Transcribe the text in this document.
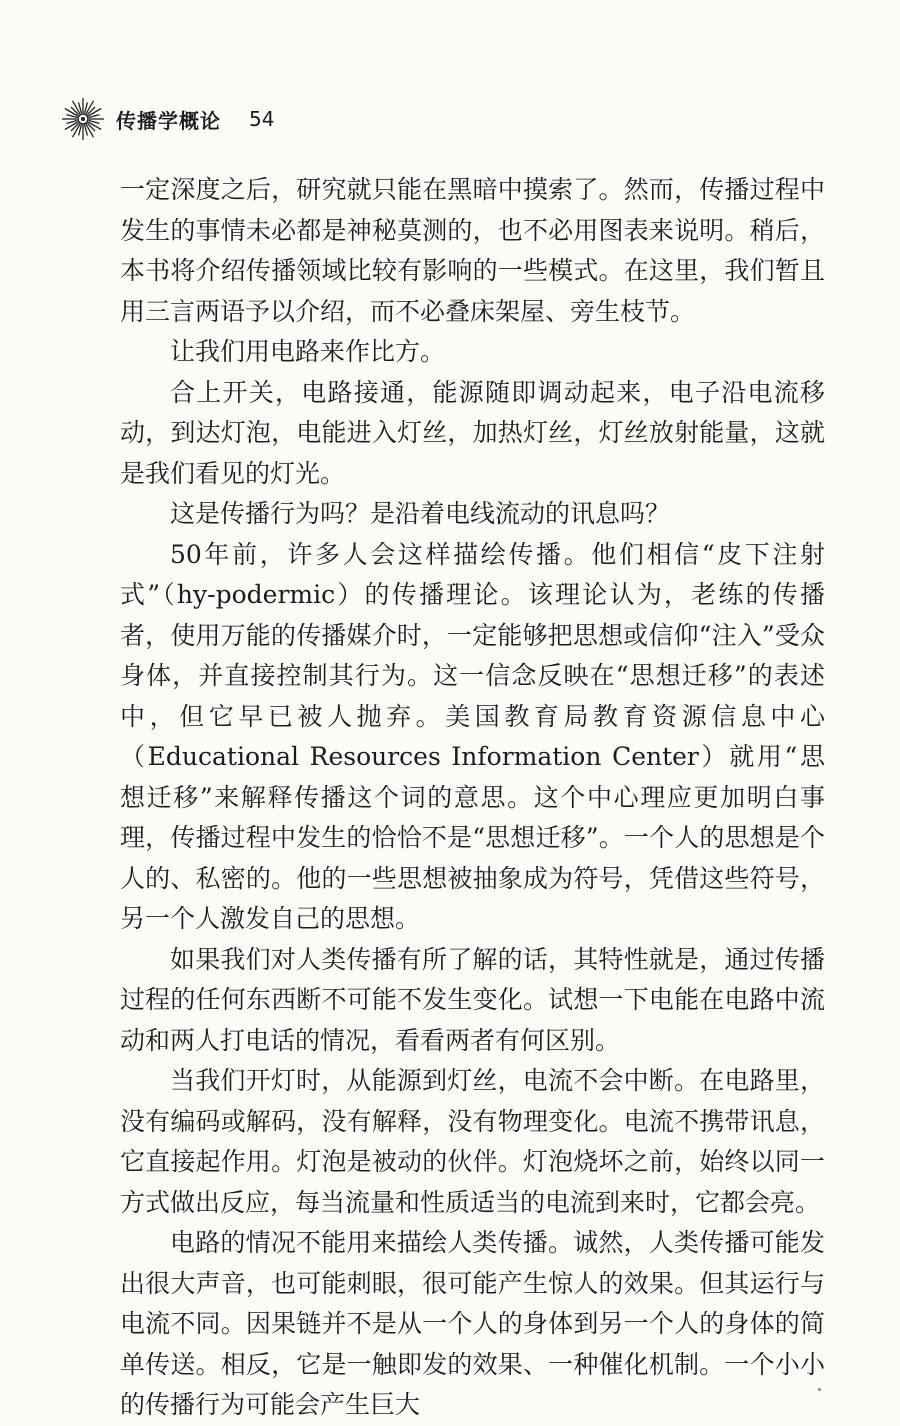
传播学概论 54

一定深度之后，研究就只能在黑暗中摸索了。然而，传播过程中发生的事情未必都是神秘莫测的，也不必用图表来说明。稍后，本书将介绍传播领域比较有影响的一些模式。在这里，我们暂且用三言两语予以介绍，而不必叠床架屋、旁生枝节。

让我们用电路来作比方。

合上开关，电路接通，能源随即调动起来，电子沿电流移动，到达灯泡，电能进入灯丝，加热灯丝，灯丝放射能量，这就是我们看见的灯光。

这是传播行为吗？是沿着电线流动的讯息吗？

50年前，许多人会这样描绘传播。他们相信“皮下注射式”（hy-podermic）的传播理论。该理论认为，老练的传播者，使用万能的传播媒介时，一定能够把思想或信仰“注入”受众身体，并直接控制其行为。这一信念反映在“思想迁移”的表述中，但它早已被人抛弃。美国教育局教育资源信息中心（Educational Resources Information Center）就用“思想迁移”来解释传播这个词的意思。这个中心理应更加明白事理，传播过程中发生的恰恰不是“思想迁移”。一个人的思想是个人的、私密的。他的一些思想被抽象成为符号，凭借这些符号，另一个人激发自己的思想。

如果我们对人类传播有所了解的话，其特性就是，通过传播过程的任何东西断不可能不发生变化。试想一下电能在电路中流动和两人打电话的情况，看看两者有何区别。

当我们开灯时，从能源到灯丝，电流不会中断。在电路里，没有编码或解码，没有解释，没有物理变化。电流不携带讯息，它直接起作用。灯泡是被动的伙伴。灯泡烧坏之前，始终以同一方式做出反应，每当流量和性质适当的电流到来时，它都会亮。

电路的情况不能用来描绘人类传播。诚然，人类传播可能发出很大声音，也可能刺眼，很可能产生惊人的效果。但其运行与电流不同。因果链并不是从一个人的身体到另一个人的身体的简单传送。相反，它是一触即发的效果、一种催化机制。一个小小的传播行为可能会产生巨大
